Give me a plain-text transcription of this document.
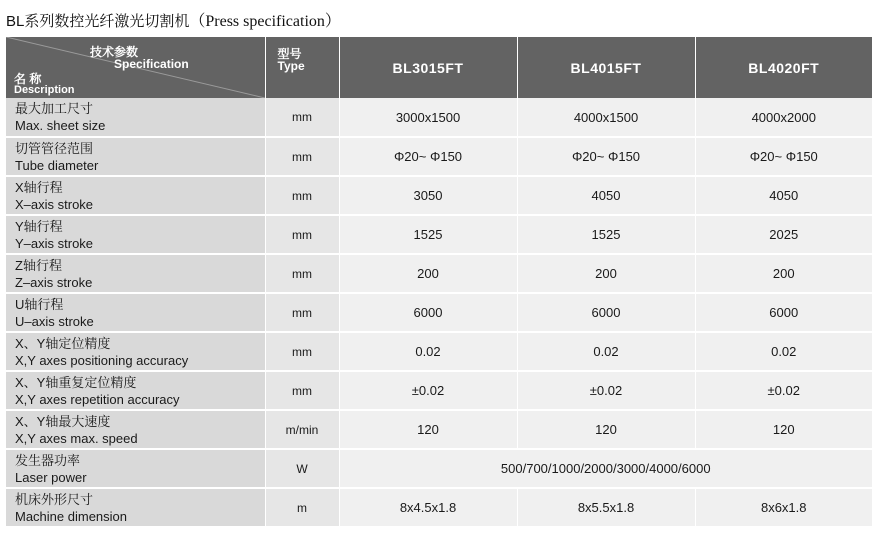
BL系列数控光纤激光切割机（Press specification）
技术参数
Specification
名 称
Description	型号
Type	BL3015FT	BL4015FT	BL4020FT

最大加工尺寸
Max. sheet size	mm	3000x1500	4000x1500	4000x2000

切管管径范围
Tube diameter	mm	Φ20~ Φ150	Φ20~ Φ150	Φ20~ Φ150

X轴行程
X–axis stroke	mm	3050	4050	4050

Y轴行程
Y–axis stroke	mm	1525	1525	2025

Z轴行程
Z–axis stroke	mm	200	200	200

U轴行程
U–axis stroke	mm	6000	6000	6000

X、Y轴定位精度
X,Y axes positioning accuracy	mm	0.02	0.02	0.02

X、Y轴重复定位精度
X,Y axes repetition accuracy	mm	±0.02	±0.02	±0.02

X、Y轴最大速度
X,Y axes max. speed	m/min	120	120	120

发生器功率
Laser power	W	500/700/1000/2000/3000/4000/6000		

机床外形尺寸
Machine dimension	m	8x4.5x1.8	8x5.5x1.8	8x6x1.8
